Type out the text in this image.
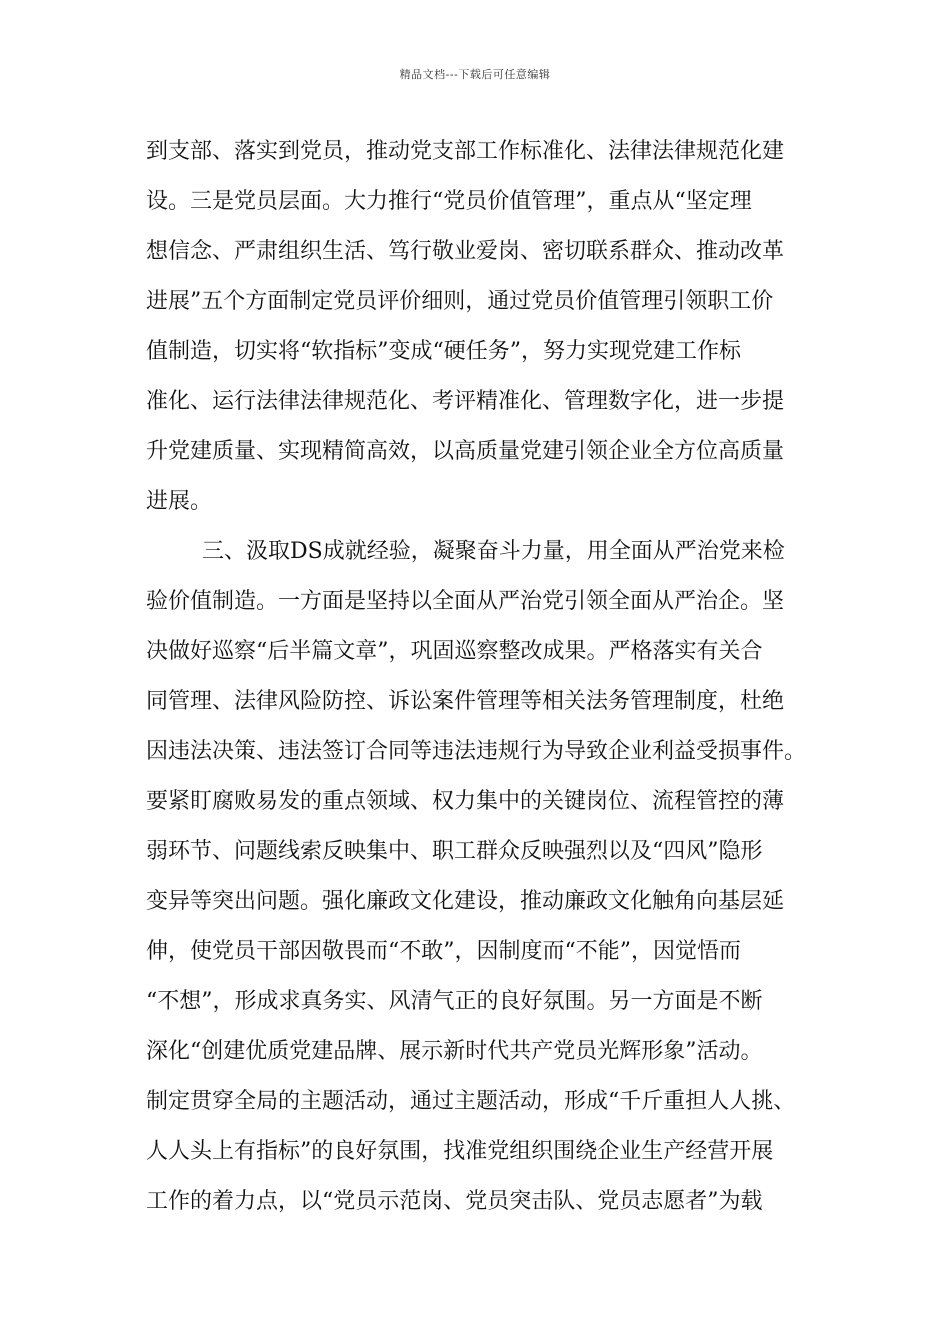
精品文档---下载后可任意编辑
到支部、落实到党员，推动党支部工作标准化、法律法律规范化建
设。三是党员层面。大力推行“党员价值管理”，重点从“坚定理
想信念、严肃组织生活、笃行敬业爱岗、密切联系群众、推动改革
进展”五个方面制定党员评价细则，通过党员价值管理引领职工价
值制造，切实将“软指标”变成“硬任务”，努力实现党建工作标
准化、运行法律法律规范化、考评精准化、管理数字化，进一步提
升党建质量、实现精简高效，以高质量党建引领企业全方位高质量
进展。
三、汲取DS成就经验，凝聚奋斗力量，用全面从严治党来检
验价值制造。一方面是坚持以全面从严治党引领全面从严治企。坚
决做好巡察“后半篇文章”，巩固巡察整改成果。严格落实有关合
同管理、法律风险防控、诉讼案件管理等相关法务管理制度，杜绝
因违法决策、违法签订合同等违法违规行为导致企业利益受损事件。
要紧盯腐败易发的重点领域、权力集中的关键岗位、流程管控的薄
弱环节、问题线索反映集中、职工群众反映强烈以及“四风”隐形
变异等突出问题。强化廉政文化建设，推动廉政文化触角向基层延
伸，使党员干部因敬畏而“不敢”，因制度而“不能”，因觉悟而
“不想”，形成求真务实、风清气正的良好氛围。另一方面是不断
深化“创建优质党建品牌、展示新时代共产党员光辉形象”活动。
制定贯穿全局的主题活动，通过主题活动，形成“千斤重担人人挑、
人人头上有指标”的良好氛围，找准党组织围绕企业生产经营开展
工作的着力点，以“党员示范岗、党员突击队、党员志愿者”为载
